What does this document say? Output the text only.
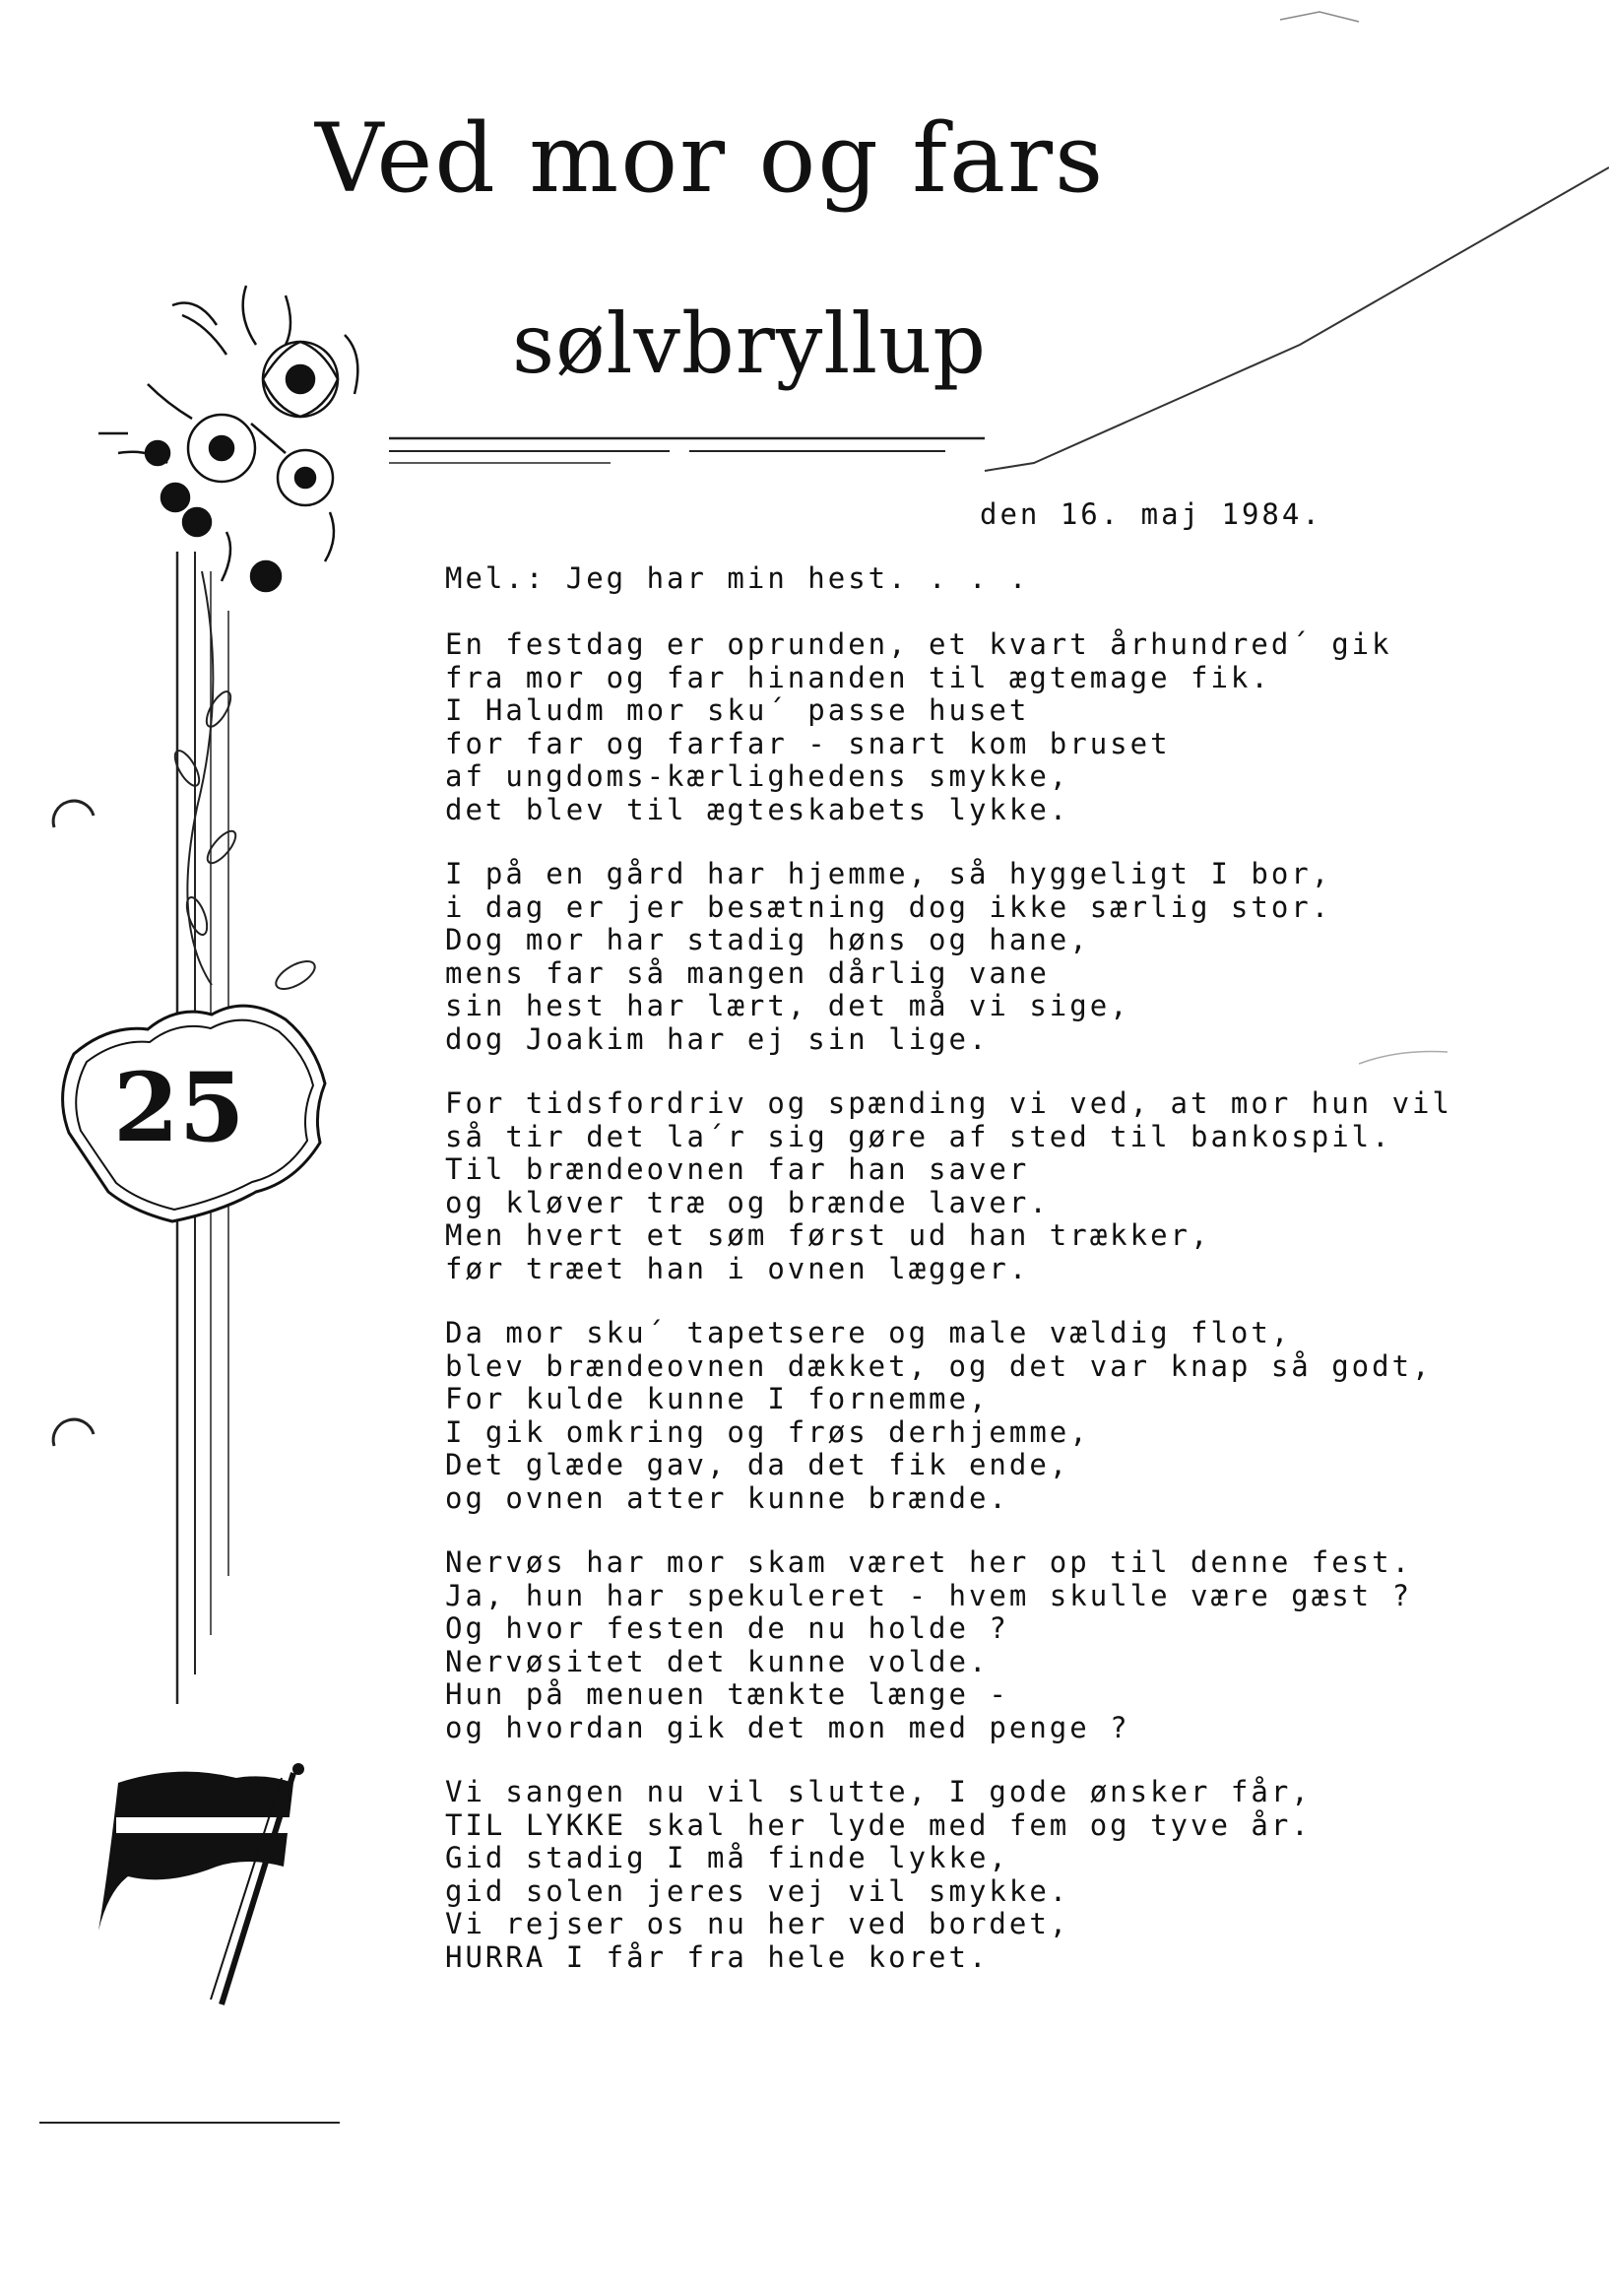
Ved mor og fars
sølvbryllup
25
den 16. maj 1984.
Mel.: Jeg har min hest. . . .
En festdag er oprunden, et kvart århundred´ gik
fra mor og far hinanden til ægtemage fik.
I Haludm mor sku´ passe huset
for far og farfar - snart kom bruset
af ungdoms-kærlighedens smykke,
det blev til ægteskabets lykke.
I på en gård har hjemme, så hyggeligt I bor,
i dag er jer besætning dog ikke særlig stor.
Dog mor har stadig høns og hane,
mens far så mangen dårlig vane
sin hest har lært, det må vi sige,
dog Joakim har ej sin lige.
For tidsfordriv og spænding vi ved, at mor hun vil
så tir det la´r sig gøre af sted til bankospil.
Til brændeovnen far han saver
og kløver træ og brænde laver.
Men hvert et søm først ud han trækker,
før træet han i ovnen lægger.
Da mor sku´ tapetsere og male vældig flot,
blev brændeovnen dækket, og det var knap så godt,
For kulde kunne I fornemme,
I gik omkring og frøs derhjemme,
Det glæde gav, da det fik ende,
og ovnen atter kunne brænde.
Nervøs har mor skam været her op til denne fest.
Ja, hun har spekuleret - hvem skulle være gæst ?
Og hvor festen de nu holde ?
Nervøsitet det kunne volde.
Hun på menuen tænkte længe -
og hvordan gik det mon med penge ?
Vi sangen nu vil slutte, I gode ønsker får,
TIL LYKKE skal her lyde med fem og tyve år.
Gid stadig I må finde lykke,
gid solen jeres vej vil smykke.
Vi rejser os nu her ved bordet,
HURRA I får fra hele koret.
